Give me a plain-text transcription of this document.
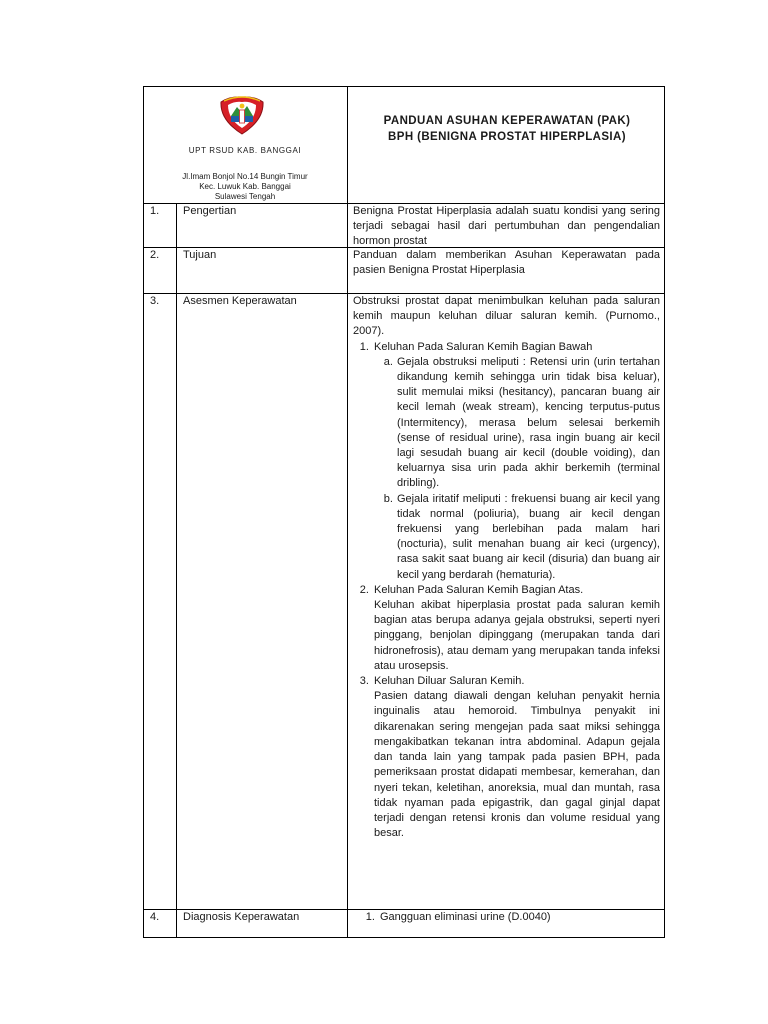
UPT RSUD KAB. BANGGAI
Jl.Imam Bonjol No.14 Bungin Timur
Kec. Luwuk Kab. Banggai
Sulawesi Tengah
PANDUAN ASUHAN KEPERAWATAN (PAK)
BPH (BENIGNA PROSTAT HIPERPLASIA)
1. Pengertian	Benigna Prostat Hiperplasia adalah suatu kondisi yang sering terjadi sebagai hasil dari pertumbuhan dan pengendalian hormon prostat
2. Tujuan	Panduan dalam memberikan Asuhan Keperawatan pada pasien Benigna Prostat Hiperplasia
3. Asesmen Keperawatan	Obstruksi prostat dapat menimbulkan keluhan pada saluran kemih maupun keluhan diluar saluran kemih. (Purnomo., 2007).

1. Keluhan Pada Saluran Kemih Bagian Bawah
a. Gejala obstruksi meliputi : Retensi urin (urin tertahan dikandung kemih sehingga urin tidak bisa keluar), sulit memulai miksi (hesitancy), pancaran buang air kecil lemah (weak stream), kencing terputus-putus (Intermitency), merasa belum selesai berkemih (sense of residual urine), rasa ingin buang air kecil lagi sesudah buang air kecil (double voiding), dan keluarnya sisa urin pada akhir berkemih (terminal dribling).
b. Gejala iritatif meliputi : frekuensi buang air kecil yang tidak normal (poliuria), buang air kecil dengan frekuensi yang berlebihan pada malam hari (nocturia), sulit menahan buang air keci (urgency), rasa sakit saat buang air kecil (disuria) dan buang air kecil yang berdarah (hematuria).
2. Keluhan Pada Saluran Kemih Bagian Atas.
Keluhan akibat hiperplasia prostat pada saluran kemih bagian atas berupa adanya gejala obstruksi, seperti nyeri pinggang, benjolan dipinggang (merupakan tanda dari hidronefrosis), atau demam yang merupakan tanda infeksi atau urosepsis.
3. Keluhan Diluar Saluran Kemih.
Pasien datang diawali dengan keluhan penyakit hernia inguinalis atau hemoroid. Timbulnya penyakit ini dikarenakan sering mengejan pada saat miksi sehingga mengakibatkan tekanan intra abdominal. Adapun gejala dan tanda lain yang tampak pada pasien BPH, pada pemeriksaan prostat didapati membesar, kemerahan, dan nyeri tekan, keletihan, anoreksia, mual dan muntah, rasa tidak nyaman pada epigastrik, dan gagal ginjal dapat terjadi dengan retensi kronis dan volume residual yang besar.
4. Diagnosis Keperawatan
1.	Gangguan eliminasi urine (D.0040)
